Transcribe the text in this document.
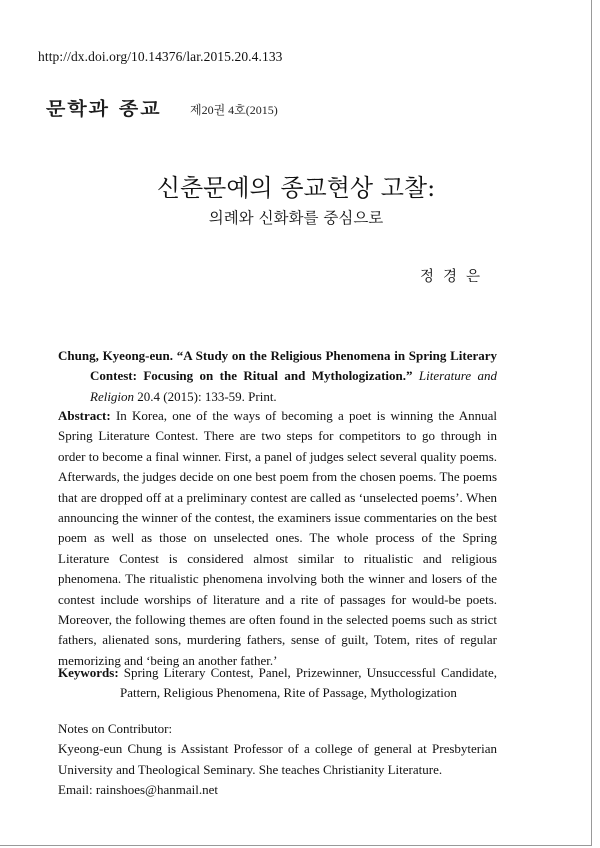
http://dx.doi.org/10.14376/lar.2015.20.4.133
문학과 종교 제20권 4호(2015)
신춘문예의 종교현상 고찰:
의례와 신화화를 중심으로
정 경 은

Chung, Kyeong-eun. “A Study on the Religious Phenomena in Spring Literary Contest: Focusing on the Ritual and Mythologization.” Literature and Religion 20.4 (2015): 133-59. Print.

Abstract: In Korea, one of the ways of becoming a poet is winning the Annual Spring Literature Contest. There are two steps for competitors to go through in order to become a final winner. First, a panel of judges select several quality poems. Afterwards, the judges decide on one best poem from the chosen poems. The poems that are dropped off at a preliminary contest are called as ‘unselected poems’. When announcing the winner of the contest, the examiners issue commentaries on the best poem as well as those on unselected ones. The whole process of the Spring Literature Contest is considered almost similar to ritualistic and religious phenomena. The ritualistic phenomena involving both the winner and losers of the contest include worships of literature and a rite of passages for would-be poets. Moreover, the following themes are often found in the selected poems such as strict fathers, alienated sons, murdering fathers, sense of guilt, Totem, rites of regular memorizing and ‘being an another father.’

Keywords: Spring Literary Contest, Panel, Prizewinner, Unsuccessful Candidate, Pattern, Religious Phenomena, Rite of Passage, Mythologization

Notes on Contributor:

Kyeong-eun Chung is Assistant Professor of a college of general at Presbyterian University and Theological Seminary. She teaches Christianity Literature.

Email: rainshoes@hanmail.net
